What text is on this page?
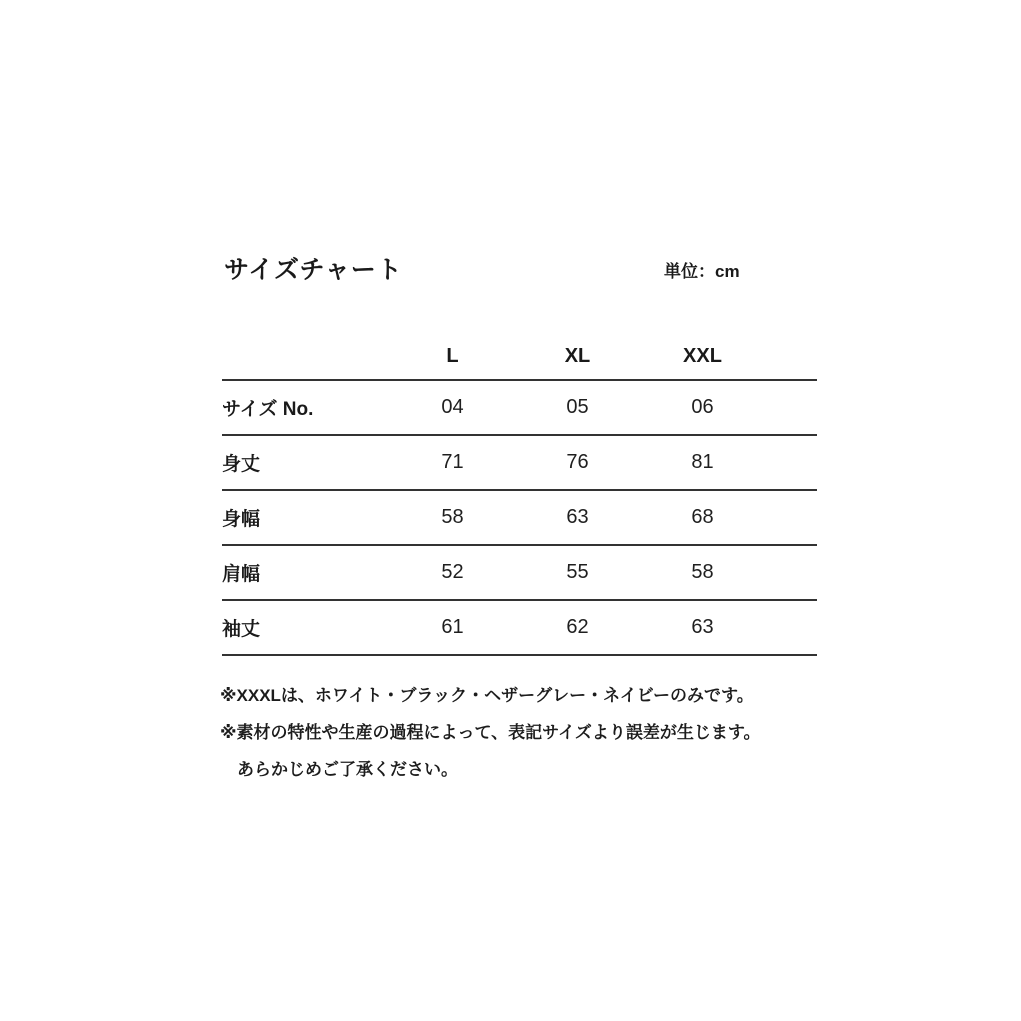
サイズチャート	単位：cm
	L	XL	XXL	
サイズ No.	04	05	06	
身丈	71	76	81	
身幅	58	63	68	
肩幅	52	55	58	
袖丈	61	62	63	
※XXXLは、ホワイト・ブラック・ヘザーグレー・ネイビーのみです。
※素材の特性や生産の過程によって、表記サイズより誤差が生じます。
あらかじめご了承ください。
